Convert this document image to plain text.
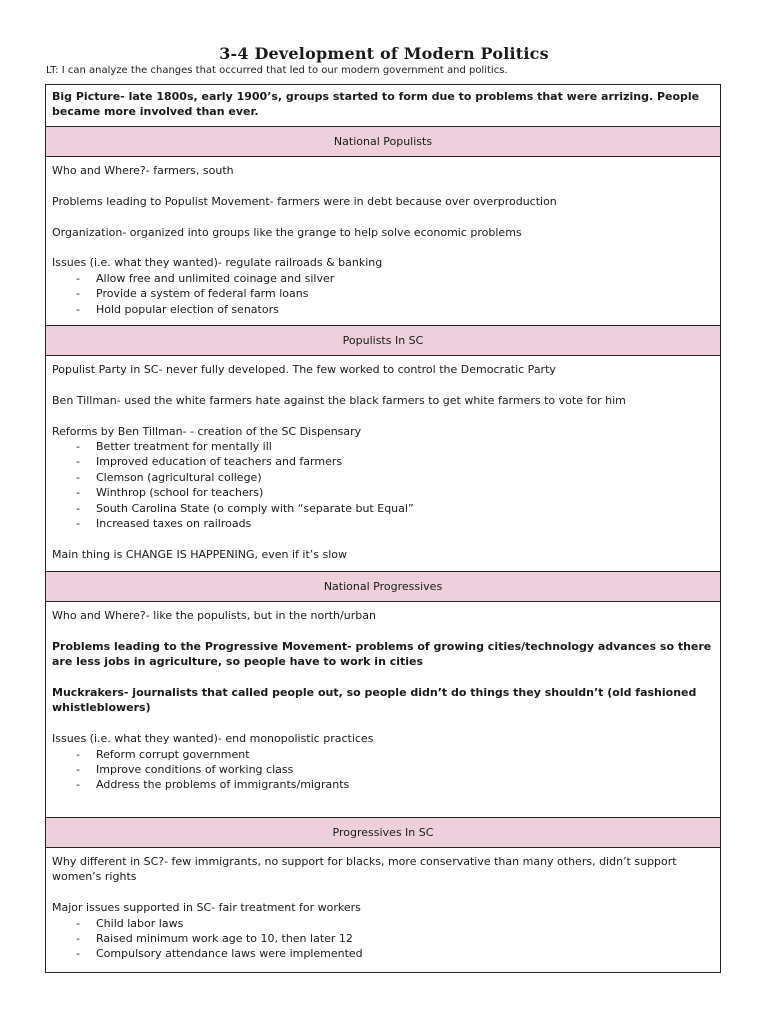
3-4 Development of Modern Politics
LT: I can analyze the changes that occurred that led to our modern government and politics.
Big Picture- late 1800s, early 1900’s, groups started to form due to problems that were arrizing. People became more involved than ever.
National Populists

Who and Where?- farmers, south

Problems leading to Populist Movement- farmers were in debt because over overproduction

Organization- organized into groups like the grange to help solve economic problems

Issues (i.e. what they wanted)- regulate railroads & banking

- Allow free and unlimited coinage and silver
- Provide a system of federal farm loans
- Hold popular election of senators
Populists In SC

Populist Party in SC- never fully developed. The few worked to control the Democratic Party

Ben Tillman- used the white farmers hate against the black farmers to get white farmers to vote for him

Reforms by Ben Tillman- - creation of the SC Dispensary

- Better treatment for mentally ill
- Improved education of teachers and farmers
- Clemson (agricultural college)
- Winthrop (school for teachers)
- South Carolina State (o comply with “separate but Equal”
- Increased taxes on railroads

Main thing is CHANGE IS HAPPENING, even if it’s slow

National Progressives

Who and Where?- like the populists, but in the north/urban

Problems leading to the Progressive Movement- problems of growing cities/technology advances so there are less jobs in agriculture, so people have to work in cities

Muckrakers- journalists that called people out, so people didn’t do things they shouldn’t (old fashioned whistleblowers)

Issues (i.e. what they wanted)- end monopolistic practices

- Reform corrupt government
- Improve conditions of working class
- Address the problems of immigrants/migrants
Progressives In SC

Why different in SC?- few immigrants, no support for blacks, more conservative than many others, didn’t support women’s rights

Major issues supported in SC- fair treatment for workers

- Child labor laws
- Raised minimum work age to 10, then later 12
- Compulsory attendance laws were implemented
